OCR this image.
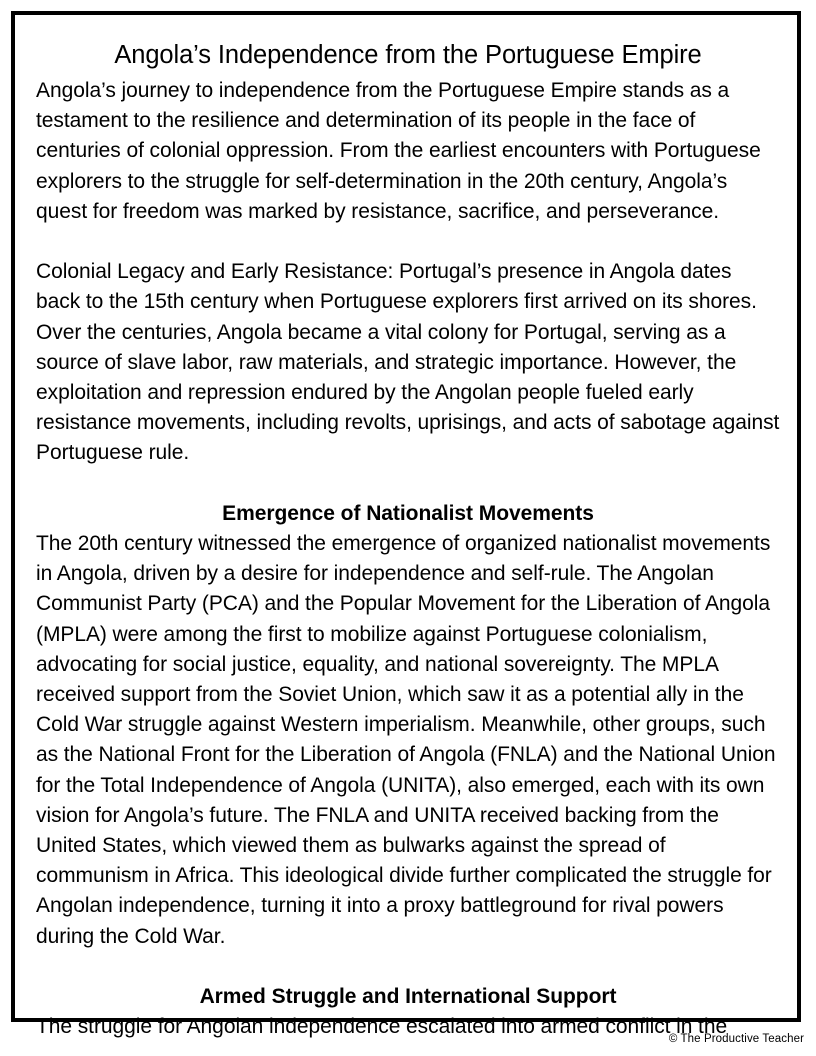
Angola’s Independence from the Portuguese Empire

Angola’s journey to independence from the Portuguese Empire stands as a testament to the resilience and determination of its people in the face of centuries of colonial oppression. From the earliest encounters with Portuguese explorers to the struggle for self-determination in the 20th century, Angola’s quest for freedom was marked by resistance, sacrifice, and perseverance.

Colonial Legacy and Early Resistance: Portugal’s presence in Angola dates back to the 15th century when Portuguese explorers first arrived on its shores. Over the centuries, Angola became a vital colony for Portugal, serving as a source of slave labor, raw materials, and strategic importance. However, the exploitation and repression endured by the Angolan people fueled early resistance movements, including revolts, uprisings, and acts of sabotage against Portuguese rule.

Emergence of Nationalist Movements

The 20th century witnessed the emergence of organized nationalist movements in Angola, driven by a desire for independence and self-rule. The Angolan Communist Party (PCA) and the Popular Movement for the Liberation of Angola (MPLA) were among the first to mobilize against Portuguese colonialism, advocating for social justice, equality, and national sovereignty. The MPLA received support from the Soviet Union, which saw it as a potential ally in the Cold War struggle against Western imperialism. Meanwhile, other groups, such as the National Front for the Liberation of Angola (FNLA) and the National Union for the Total Independence of Angola (UNITA), also emerged, each with its own vision for Angola’s future. The FNLA and UNITA received backing from the United States, which viewed them as bulwarks against the spread of communism in Africa. This ideological divide further complicated the struggle for Angolan independence, turning it into a proxy battleground for rival powers during the Cold War.

Armed Struggle and International Support

The struggle for Angolan independence escalated into armed conflict in the

© The Productive Teacher
